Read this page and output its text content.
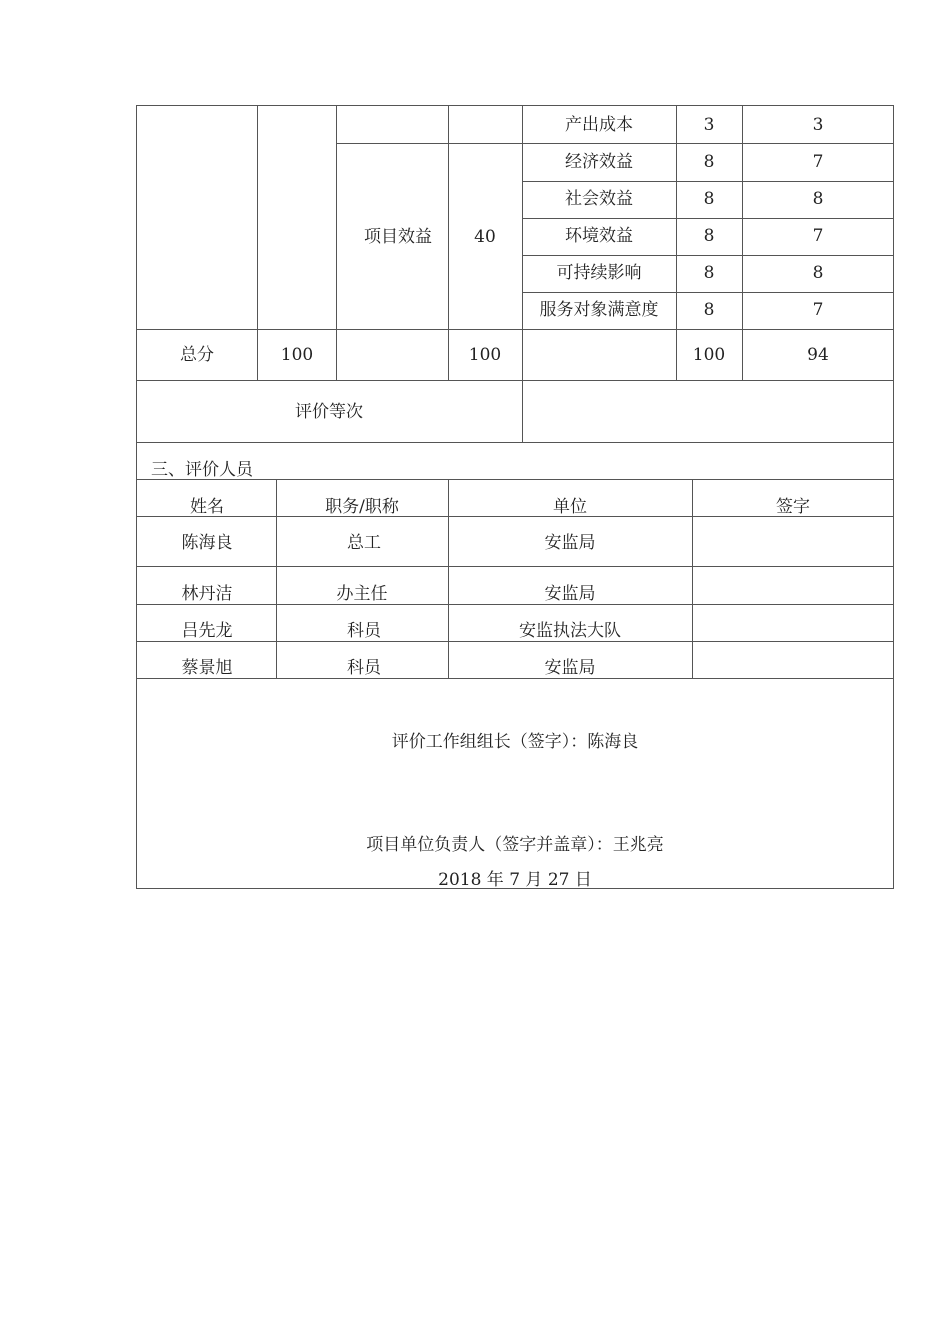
产出成本	3	3
经济效益	8	7
社会效益	8	8
环境效益	8	7
可持续影响	8	8
服务对象满意度	8	7
项目效益 40
总分	100	100	100	94
评价等次
三、评价人员
姓名	职务/职称	单位	签字
陈海良	总工	安监局
林丹洁	办主任	安监局
吕先龙	科员	安监执法大队
蔡景旭	科员	安监局
评价工作组组长（签字）：陈海良
项目单位负责人（签字并盖章）：王兆亮
2018 年 7 月 27 日
